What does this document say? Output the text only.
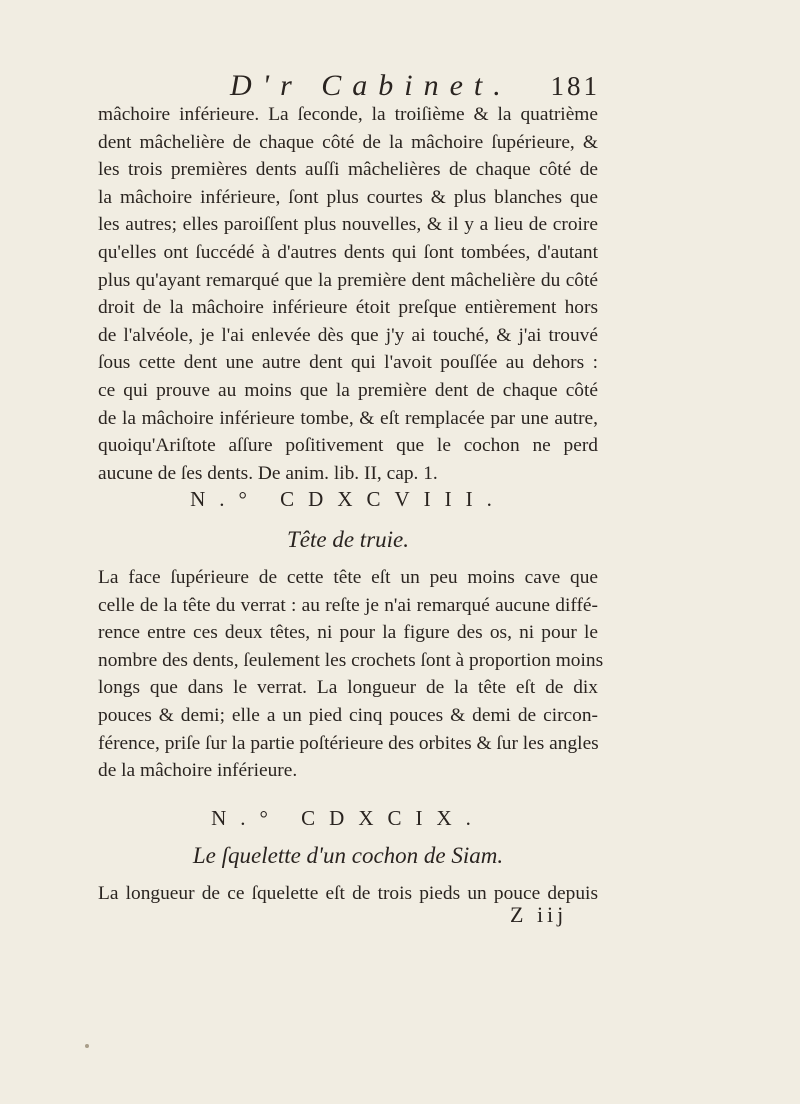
D'r Cabinet. 181
mâchoire inférieure. La ſeconde, la troiſième & la quatrième
dent mâchelière de chaque côté de la mâchoire ſupérieure, &
les trois premières dents auſſi mâchelières de chaque côté de
la mâchoire inférieure, ſont plus courtes & plus blanches que
les autres; elles paroiſſent plus nouvelles, & il y a lieu de croire
qu'elles ont ſuccédé à d'autres dents qui ſont tombées, d'autant
plus qu'ayant remarqué que la première dent mâchelière du côté
droit de la mâchoire inférieure étoit preſque entièrement hors
de l'alvéole, je l'ai enlevée dès que j'y ai touché, & j'ai trouvé
ſous cette dent une autre dent qui l'avoit pouſſée au dehors :
ce qui prouve au moins que la première dent de chaque côté
de la mâchoire inférieure tombe, & eſt remplacée par une autre,
quoiqu'Ariſtote aſſure poſitivement que le cochon ne perd
aucune de ſes dents. De anim. lib. II, cap. 1.
N.° CDXCVIII.
Tête de truie.
La face ſupérieure de cette tête eſt un peu moins cave que
celle de la tête du verrat : au reſte je n'ai remarqué aucune diffé-
rence entre ces deux têtes, ni pour la figure des os, ni pour le
nombre des dents, ſeulement les crochets ſont à proportion moins
longs que dans le verrat. La longueur de la tête eſt de dix
pouces & demi; elle a un pied cinq pouces & demi de circon-
férence, priſe ſur la partie poſtérieure des orbites & ſur les angles
de la mâchoire inférieure.
N.° CDXCIX.
Le ſquelette d'un cochon de Siam.
La longueur de ce ſquelette eſt de trois pieds un pouce depuis
Z iij
